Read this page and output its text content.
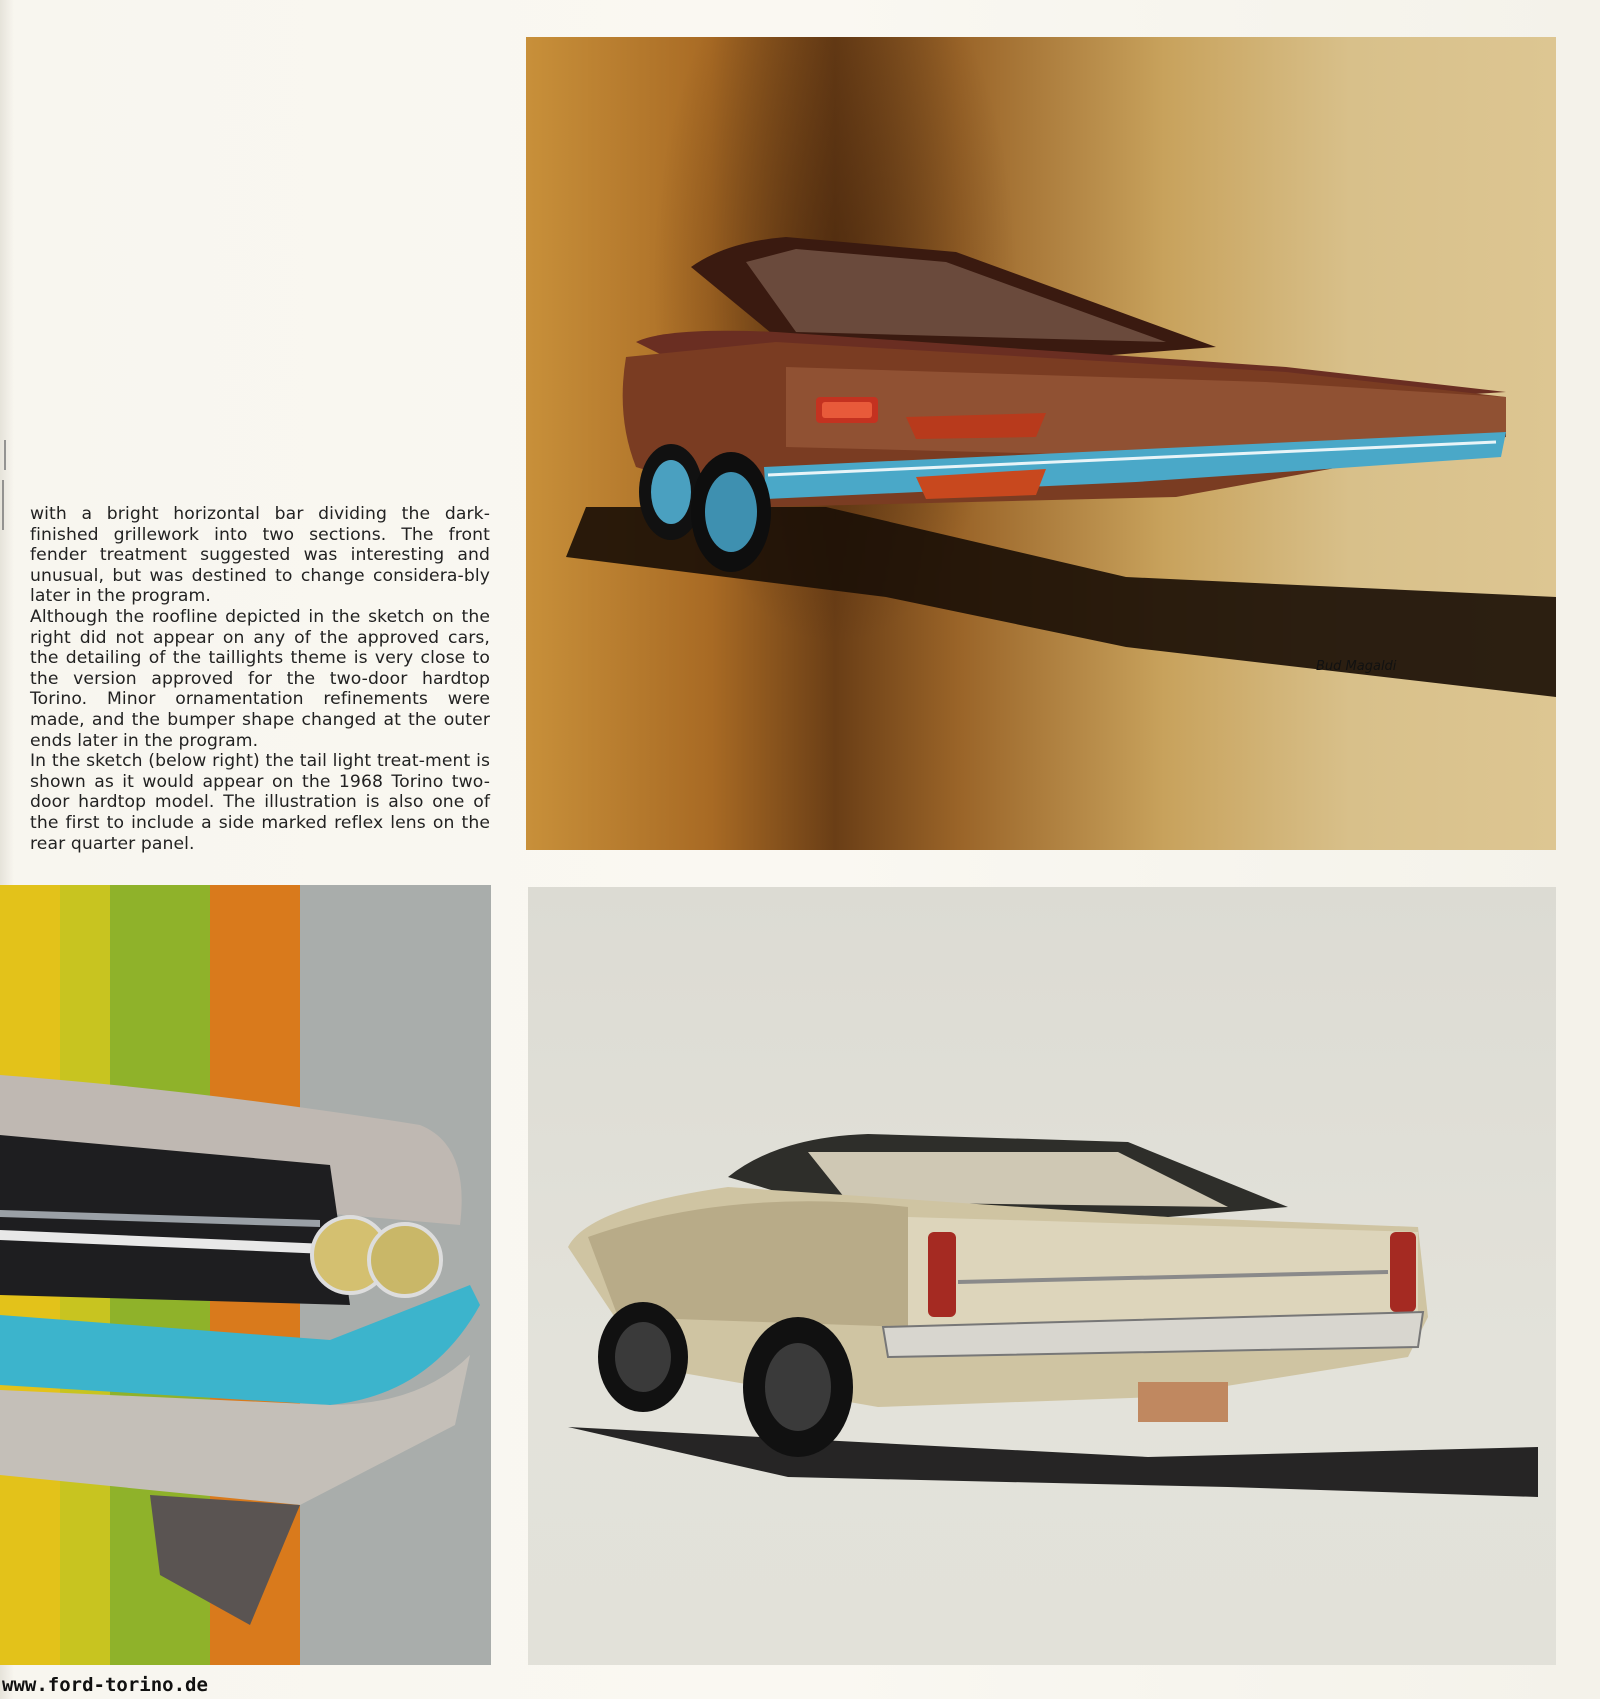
with a bright horizontal bar dividing the dark-finished grillework into two sections. The front fender treatment suggested was interesting and unusual, but was destined to change considera-bly later in the program.

Although the roofline depicted in the sketch on the right did not appear on any of the approved cars, the detailing of the taillights theme is very close to the version approved for the two-door hardtop Torino. Minor ornamentation refinements were made, and the bumper shape changed at the outer ends later in the program.

In the sketch (below right) the tail light treat-ment is shown as it would appear on the 1968 Torino two-door hardtop model. The illustration is also one of the first to include a side marked reflex lens on the rear quarter panel.

Bud Magaldi
www.ford-torino.de
